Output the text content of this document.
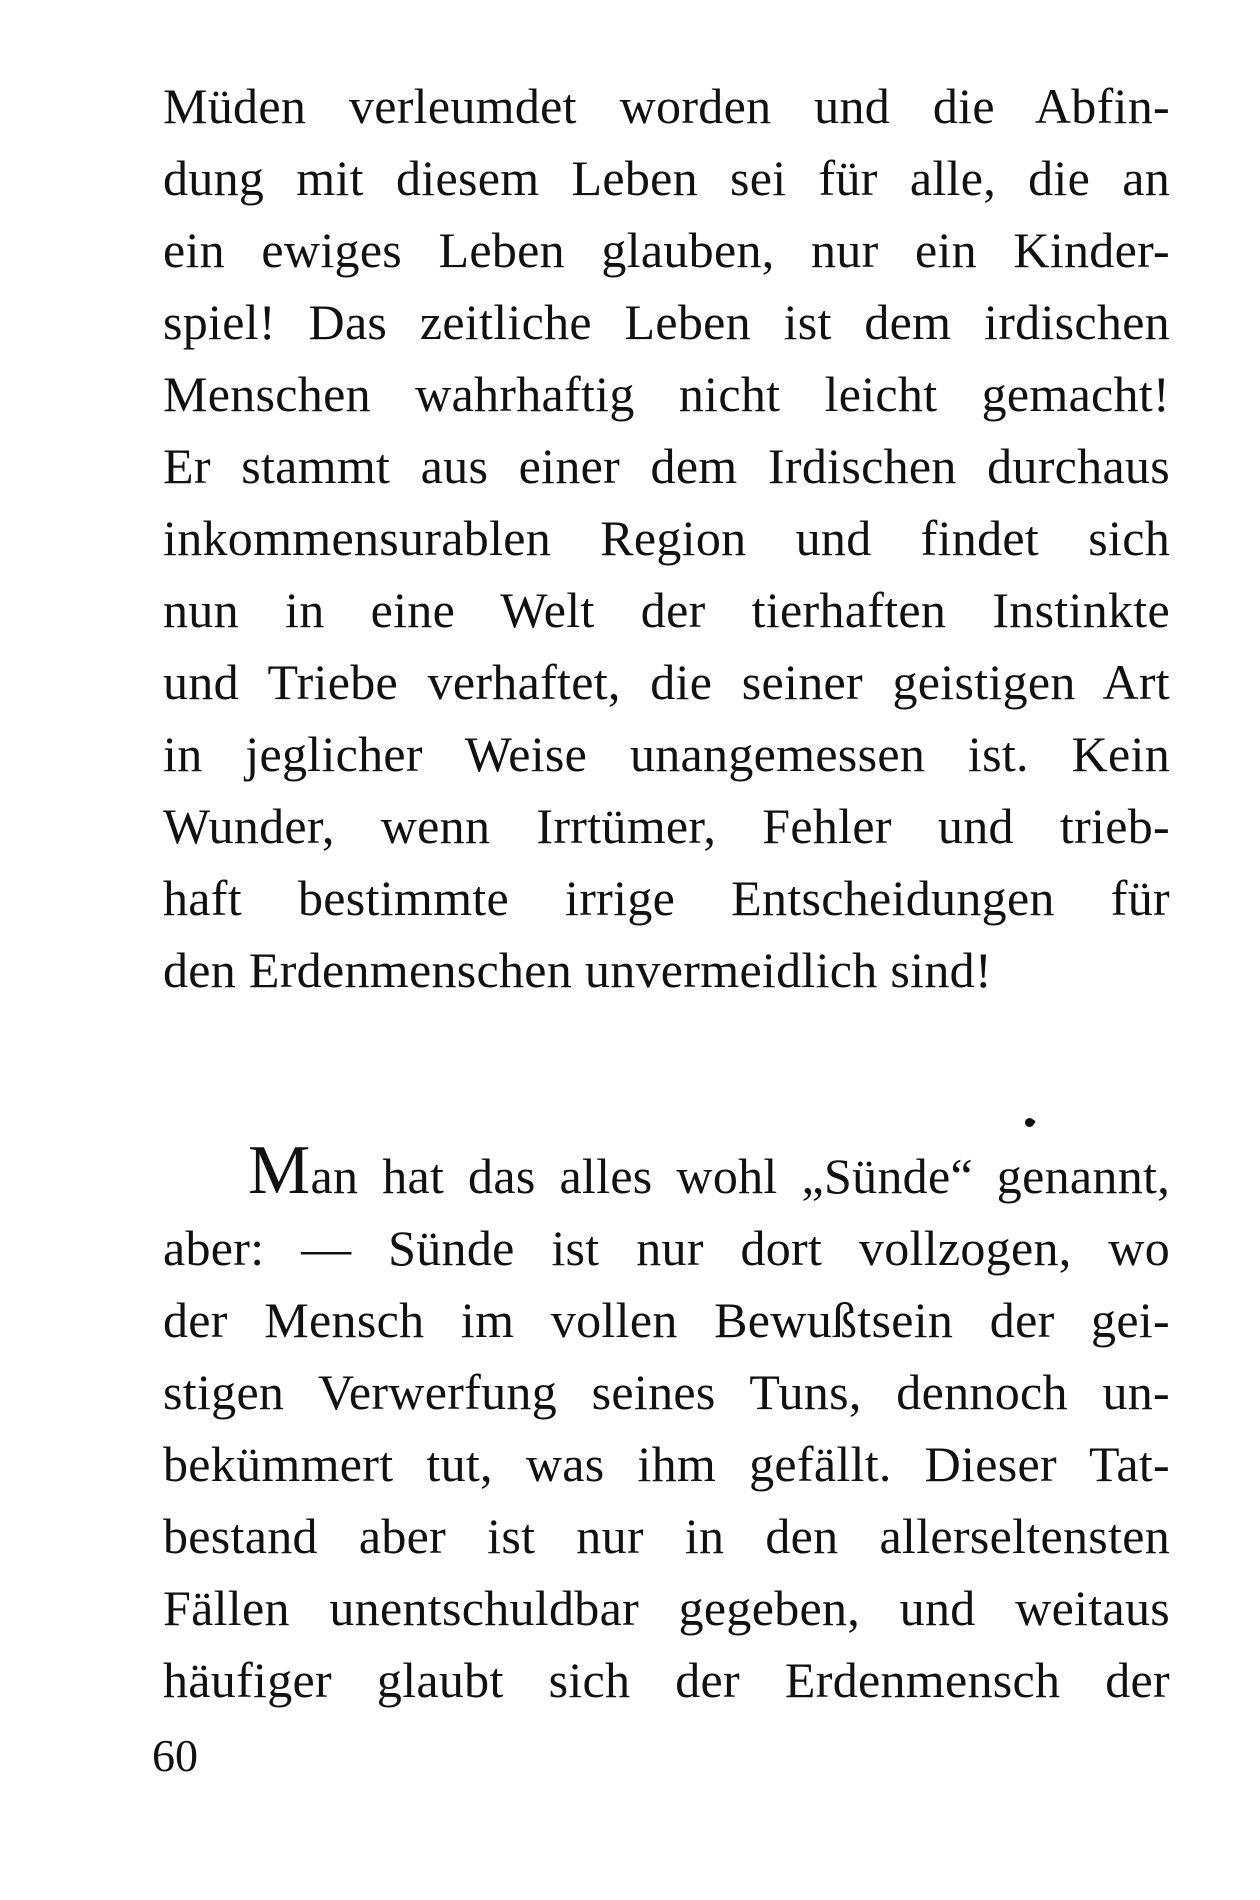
Müden verleumdet worden und die Abfin-
dung mit diesem Leben sei für alle, die an
ein ewiges Leben glauben, nur ein Kinder-
spiel! Das zeitliche Leben ist dem irdischen
Menschen wahrhaftig nicht leicht gemacht!
Er stammt aus einer dem Irdischen durchaus
inkommensurablen Region und findet sich
nun in eine Welt der tierhaften Instinkte
und Triebe verhaftet, die seiner geistigen Art
in jeglicher Weise unangemessen ist. Kein
Wunder, wenn Irrtümer, Fehler und trieb-
haft bestimmte irrige Entscheidungen für
den Erdenmenschen unvermeidlich sind!
Man hat das alles wohl „Sünde“ genannt,
aber: — Sünde ist nur dort vollzogen, wo
der Mensch im vollen Bewußtsein der gei-
stigen Verwerfung seines Tuns, dennoch un-
bekümmert tut, was ihm gefällt. Dieser Tat-
bestand aber ist nur in den allerseltensten
Fällen unentschuldbar gegeben, und weitaus
häufiger glaubt sich der Erdenmensch der
60
